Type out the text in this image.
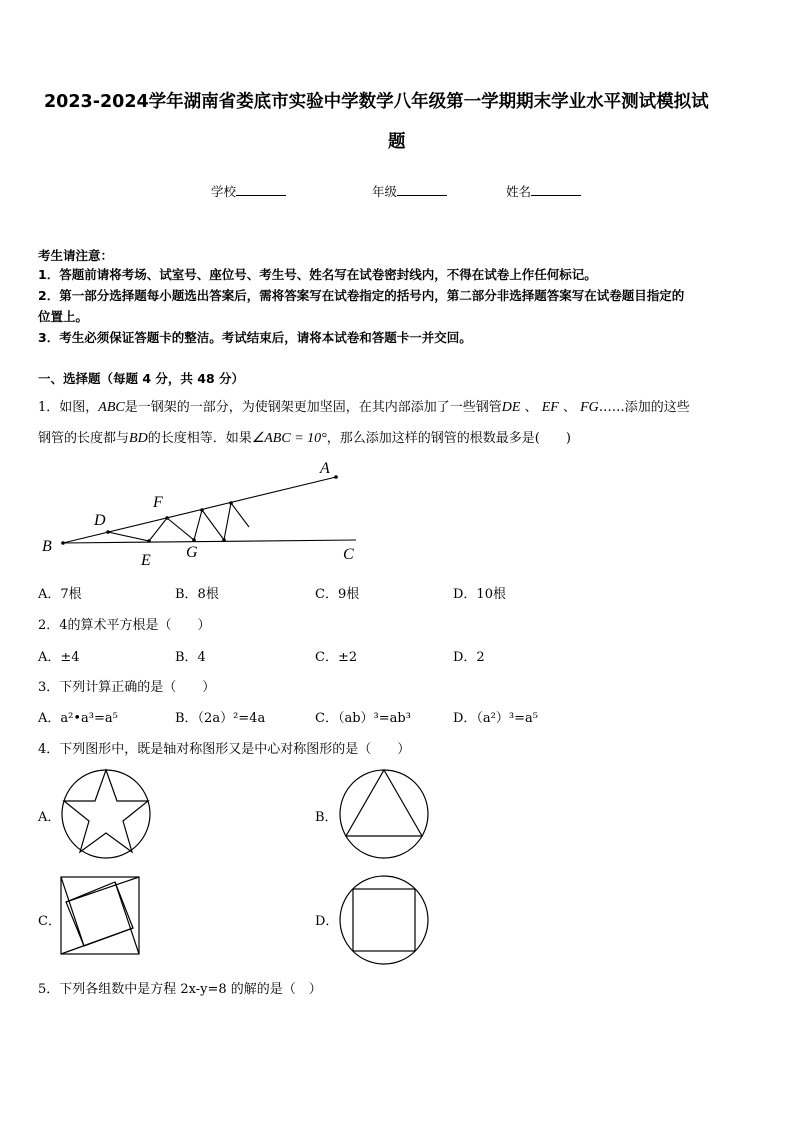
2023-2024学年湖南省娄底市实验中学数学八年级第一学期期末学业水平测试模拟试
题
学校	年级	姓名
考生请注意：
1．答题前请将考场、试室号、座位号、考生号、姓名写在试卷密封线内，不得在试卷上作任何标记。
2．第一部分选择题每小题选出答案后，需将答案写在试卷指定的括号内，第二部分非选择题答案写在试卷题目指定的
位置上。
3．考生必须保证答题卡的整洁。考试结束后，请将本试卷和答题卡一并交回。
一、选择题（每题 4 分，共 48 分）
1．如图，ABC是一钢架的一部分，为使钢架更加坚固，在其内部添加了一些钢管DE 、 EF 、 FG……添加的这些
钢管的长度都与BD的长度相等．如果∠ABC = 10°，那么添加这样的钢管的根数最多是(　　)
B
A
C
D
E
F
G
A．7根	B．8根	C．9根	D．10根
2．4的算术平方根是（　　）
A．±4	B．4	C．±2	D．2
3．下列计算正确的是（　　）
A．a²•a³=a⁵	B．（2a）²=4a	C．（ab）³=ab³	D．（a²）³=a⁵
4．下列图形中，既是轴对称图形又是中心对称图形的是（　　）
A．	B．
C．	D．
5．下列各组数中是方程 2x-y=8 的解的是（　）
